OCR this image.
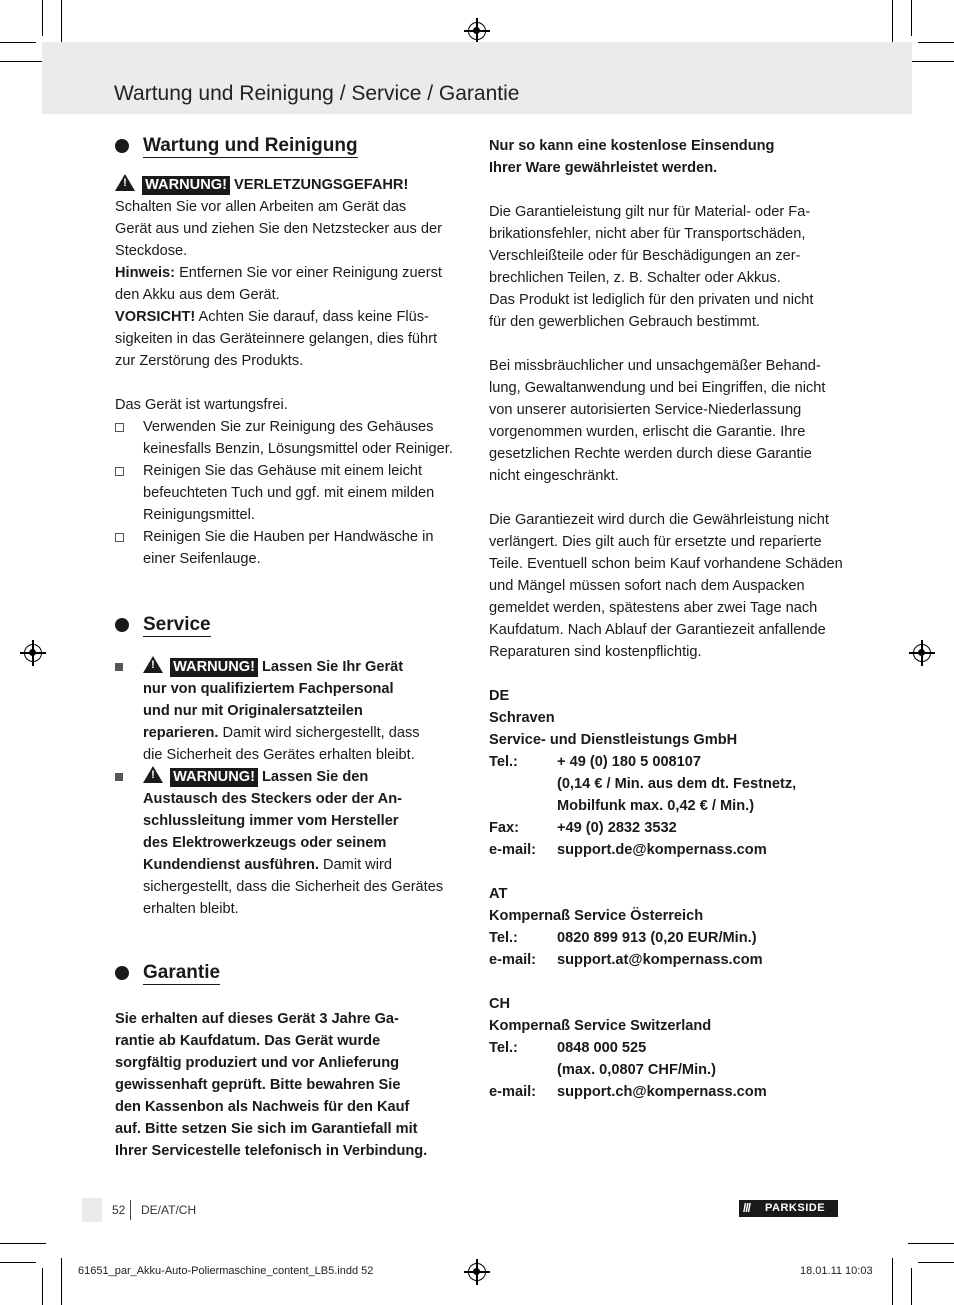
Wartung und Reinigung / Service / Garantie
Wartung und Reinigung

! WARNUNG! VERLETZUNGSGEFAHR!

Schalten Sie vor allen Arbeiten am Gerät das
Gerät aus und ziehen Sie den Netzstecker aus der
Steckdose.

Hinweis: Entfernen Sie vor einer Reinigung zuerst
den Akku aus dem Gerät.

VORSICHT! Achten Sie darauf, dass keine Flüs-
sigkeiten in das Geräteinnere gelangen, dies führt
zur Zerstörung des Produkts.

Das Gerät ist wartungsfrei.

Verwenden Sie zur Reinigung des Gehäuses
keinesfalls Benzin, Lösungsmittel oder Reiniger.
Reinigen Sie das Gehäuse mit einem leicht
befeuchteten Tuch und ggf. mit einem milden
Reinigungsmittel.
Reinigen Sie die Hauben per Handwäsche in
einer Seifenlauge.
Service
! WARNUNG! Lassen Sie Ihr Gerät
nur von qualifiziertem Fachpersonal
und nur mit Originalersatzteilen
reparieren. Damit wird sichergestellt, dass
die Sicherheit des Gerätes erhalten bleibt.
! WARNUNG! Lassen Sie den
Austausch des Steckers oder der An-
schlussleitung immer vom Hersteller
des Elektrowerkzeugs oder seinem
Kundendienst ausführen. Damit wird
sichergestellt, dass die Sicherheit des Gerätes
erhalten bleibt.
Garantie

Sie erhalten auf dieses Gerät 3 Jahre Ga-
rantie ab Kaufdatum. Das Gerät wurde
sorgfältig produziert und vor Anlieferung
gewissenhaft geprüft. Bitte bewahren Sie
den Kassenbon als Nachweis für den Kauf
auf. Bitte setzen Sie sich im Garantiefall mit
Ihrer Servicestelle telefonisch in Verbindung.

Nur so kann eine kostenlose Einsendung
Ihrer Ware gewährleistet werden.

Die Garantieleistung gilt nur für Material- oder Fa-
brikationsfehler, nicht aber für Transportschäden,
Verschleißteile oder für Beschädigungen an zer-
brechlichen Teilen, z. B. Schalter oder Akkus.
Das Produkt ist lediglich für den privaten und nicht
für den gewerblichen Gebrauch bestimmt.

Bei missbräuchlicher und unsachgemäßer Behand-
lung, Gewaltanwendung und bei Eingriffen, die nicht
von unserer autorisierten Service-Niederlassung
vorgenommen wurden, erlischt die Garantie. Ihre
gesetzlichen Rechte werden durch diese Garantie
nicht eingeschränkt.

Die Garantiezeit wird durch die Gewährleistung nicht
verlängert. Dies gilt auch für ersetzte und reparierte
Teile. Eventuell schon beim Kauf vorhandene Schäden
und Mängel müssen sofort nach dem Auspacken
gemeldet werden, spätestens aber zwei Tage nach
Kaufdatum. Nach Ablauf der Garantiezeit anfallende
Reparaturen sind kostenpflichtig.

DE
Schraven
Service- und Dienstleistungs GmbH
Tel.:	+ 49 (0) 180 5 008107
(0,14 € / Min. aus dem dt. Festnetz,
Mobilfunk max. 0,42 € / Min.)
Fax:	+49 (0) 2832 3532
e-mail:	support.de@kompernass.com
AT
Kompernaß Service Österreich
Tel.:	0820 899 913 (0,20 EUR/Min.)
e-mail:	support.at@kompernass.com
CH
Kompernaß Service Switzerland
Tel.:	0848 000 525
(max. 0,0807 CHF/Min.)
e-mail:	support.ch@kompernass.com
52 DE/AT/CH	/// PARKSIDE
61651_par_Akku-Auto-Poliermaschine_content_LB5.indd 52	18.01.11 10:03
